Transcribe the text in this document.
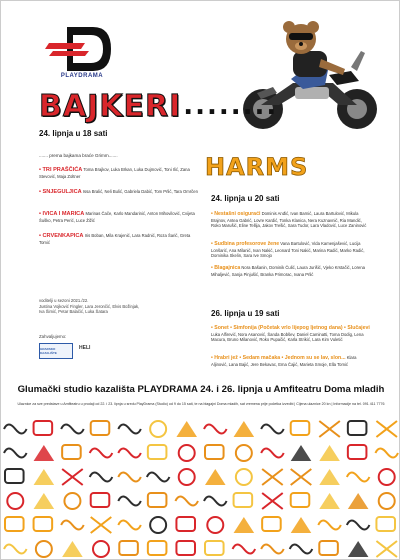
PLAYDRAMA
BAJKERI ........
24. lipnja u 18 sati
....... prema bajkama braće Grimm.......
• TRI PRAŠČIĆA Toma Brajkov, Luka Brkan, Luka Dujmović, Toni Ilić, Zana Stevović, Maja Zoltner
• SNJEGULJICA Issa Bralić, Neli Bulić, Gabriela Dabić, Tom Prlić, Tara Omrčen
• IVICA I MARICA Marinas Čače, Karlo Mandarinić, Anton Mihovilović, Cvijeta Šuško, Petra Perić, Luce Žižić
• CRVENKAPICA Iris Boban, Mila Krajenić, Lara Radnić, Roza Šarić, Greta Tomić
voditelji u sezoni 2021./22.
Justina Vojković Fingler, Lara Jerončić, Elvis Božinjak,
Iva Šimić, Petar Balačić, Luka Šatara
Zahvaljujemo:
GRADSKO KAZALIŠTE
HELI
HARMS
24. lipnja u 20 sati
• Nestašni osiguraći Dominis Anđić, Ivan Barnić, Laura Bartulović, Mikula Brajnov, Antea Gabrić, Lovre Kardić, Tonka Klanica, Nera Kuznavnić, Ria Mandić, Roko Marušić, Eline Tellija, Jakov Trešić, Sara Tudor, Lara Vladović, Luce Zaninović
• Sudbina profesorove žene Vana Bartulović, Vida Kamenjašević, Lucija Lonšarić, Ana Milanić, Ivan Nakić, Leonard Toni Nakić, Marina Radić, Marko Radić, Dominika Skelin, Sara Ive Smojo
• Blagajnica Nora Bašanin, Dominik Čulić, Laura Jurišić, Vjeko Krstačić, Lorena Mihaljević, Sanja Pinjušić, Branka Primorac, Ivana Prlić
26. lipnja u 19 sati
• Sonet • Simfonija (Početak vrlo lijepog ljetnog dana) • Slučajevi Luka Alfirević, Nora Asanović, Šanda Bobšev, Daniel Caminatti, Toma Dodig, Lena Macura, Bruno Milanović, Roko Pupačić, Karla Strikić, Lara Kim Vuletić
• Hrabri jež • Sedam mačaka • Jednom su se lav, slon... Klara Aljinović, Lana Bajić, Jere Bekavac, Ema Čajić, Marieta Smoje, Ella Tomić
Glumački studio kazališta PLAYDRAMA 24. i 26. lipnja u Amfiteatru Doma mladih
Ulaznice za sve predstave u Amfiteatru u prodaji od 22. i 23. lipnja u sredu PlayDrama (Studio) od 9 do 15 sati, te na blagajni Doma mladih, sat vremena prije početka izvedbi | Cijena ulaznice 20 kn | Informacije na tel. 091 411 7776
